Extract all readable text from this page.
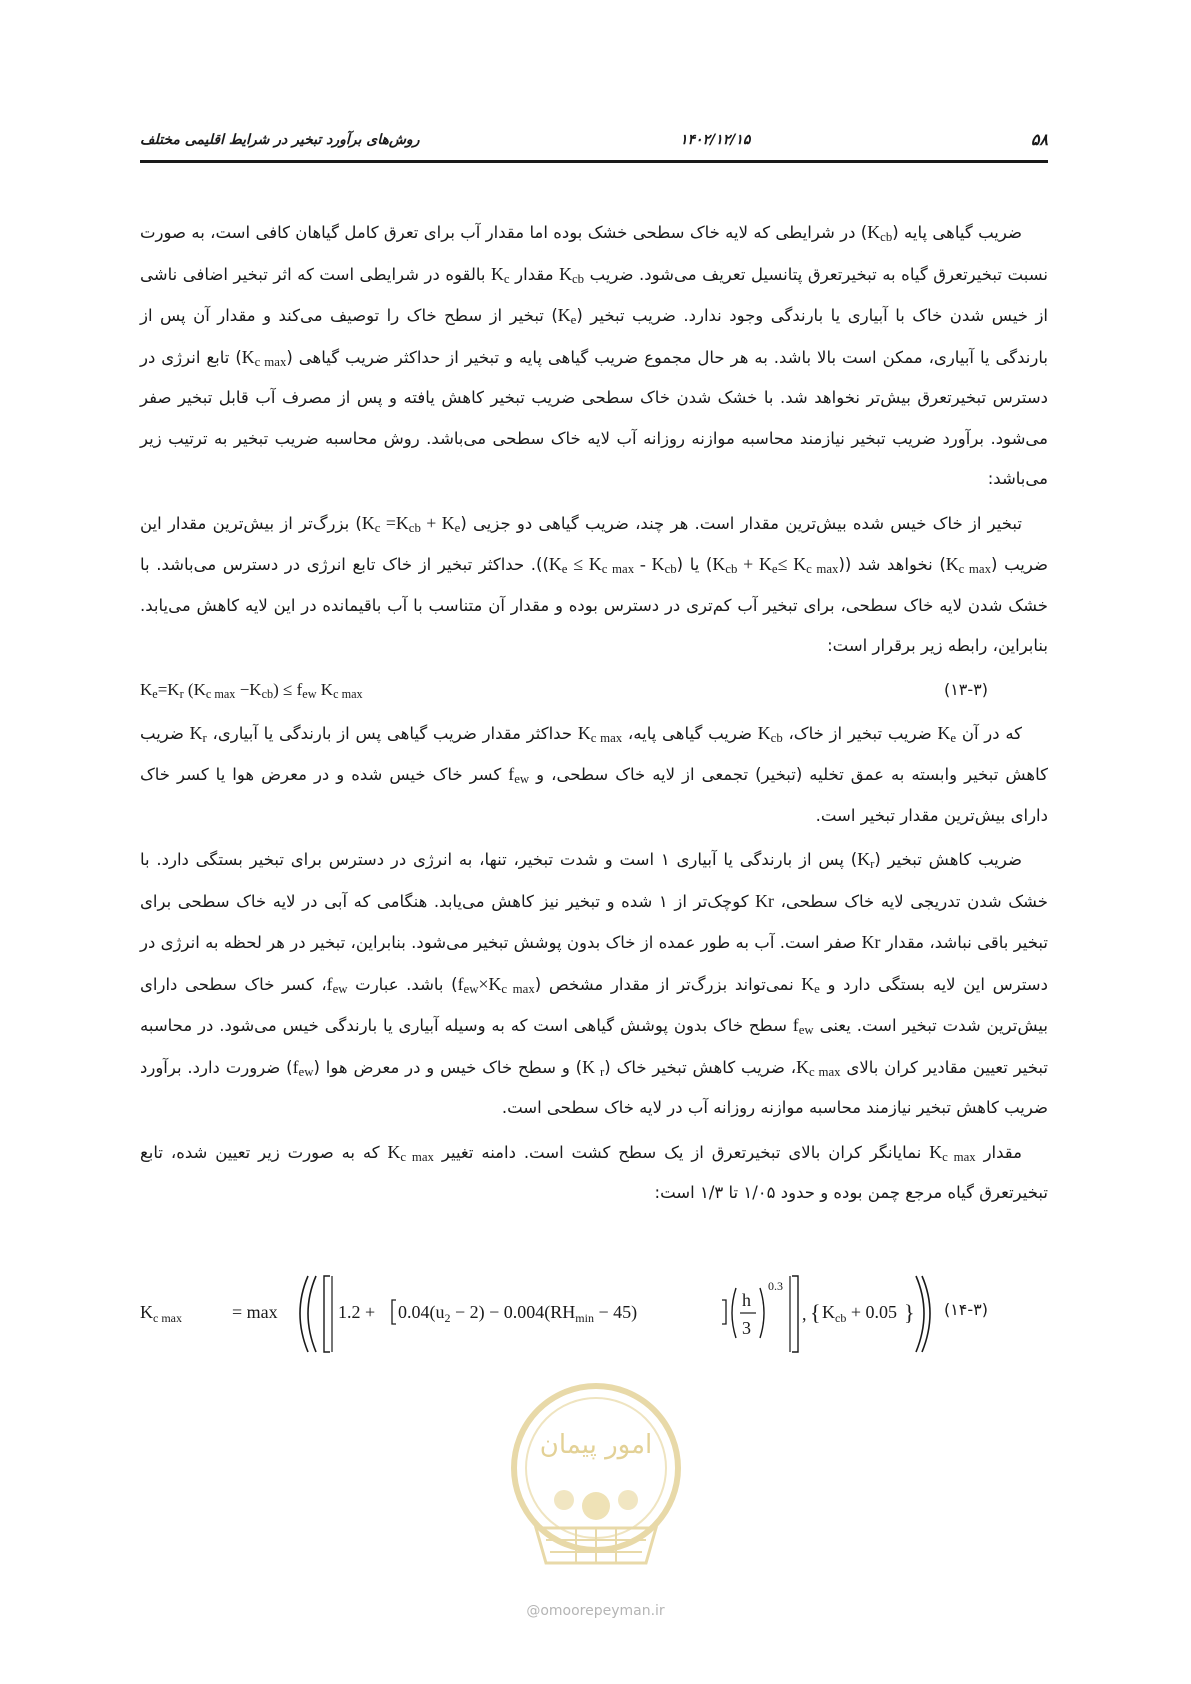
روش‌های برآورد تبخیر در شرایط اقلیمی مختلف	۱۴۰۲/۱۲/۱۵	۵۸

ضریب گیاهی پایه $(K_{cb})$ در شرایطی که لایه خاک سطحی خشک بوده اما مقدار آب برای تعرق کامل گیاهان کافی است، به صورت نسبت تبخیرتعرق گیاه به تبخیرتعرق پتانسیل تعریف می‌شود. ضریب $K_{cb}$ مقدار $K_c$ بالقوه در شرایطی است که اثر تبخیر اضافی ناشی از خیس شدن خاک با آبیاری یا بارندگی وجود ندارد. ضریب تبخیر $(K_e)$ تبخیر از سطح خاک را توصیف می‌کند و مقدار آن پس از بارندگی یا آبیاری، ممکن است بالا باشد. به هر حال مجموع ضریب گیاهی پایه و تبخیر از حداکثر ضریب گیاهی $(K_{c max})$ تابع انرژی در دسترس تبخیرتعرق بیش‌تر نخواهد شد. با خشک شدن خاک سطحی ضریب تبخیر کاهش یافته و پس از مصرف آب قابل تبخیر صفر می‌شود. برآورد ضریب تبخیر نیازمند محاسبه موازنه روزانه آب لایه خاک سطحی می‌باشد. روش محاسبه ضریب تبخیر به ترتیب زیر می‌باشد:

تبخیر از خاک خیس شده بیش‌ترین مقدار است. هر چند، ضریب گیاهی دو جزیی $(K_c =K_{cb} + K_e)$ بزرگ‌تر از بیش‌ترین مقدار این ضریب $(K_{c max})$ نخواهد شد ($(K_{cb} + K_e\le K_{c max})$ یا $(K_e \le K_{c max} - K_{cb})$). حداکثر تبخیر از خاک تابع انرژی در دسترس می‌باشد. با خشک شدن لایه خاک سطحی، برای تبخیر آب کم‌تری در دسترس بوده و مقدار آن متناسب با آب باقیمانده در این لایه کاهش می‌یابد. بنابراین، رابطه زیر برقرار است:

$K_e=K_r$ $(K_{c max} -K_{cb}) \le f_{ew}$ $K_{c max}$	(۱۳-۳)

که در آن $K_e$ ضریب تبخیر از خاک، $K_{cb}$ ضریب گیاهی پایه، $K_{c max}$ حداکثر مقدار ضریب گیاهی پس از بارندگی یا آبیاری، $K_r$ ضریب کاهش تبخیر وابسته به عمق تخلیه (تبخیر) تجمعی از لایه خاک سطحی، و $f_{ew}$ کسر خاک خیس شده و در معرض هوا یا کسر خاک دارای بیش‌ترین مقدار تبخیر است.

ضریب کاهش تبخیر $(K_r)$ پس از بارندگی یا آبیاری ۱ است و شدت تبخیر، تنها، به انرژی در دسترس برای تبخیر بستگی دارد. با خشک شدن تدریجی لایه خاک سطحی، Kr کوچک‌تر از ۱ شده و تبخیر نیز کاهش می‌یابد. هنگامی که آبی در لایه خاک سطحی برای تبخیر باقی نباشد، مقدار Kr صفر است. آب به طور عمده از خاک بدون پوشش تبخیر می‌شود. بنابراین، تبخیر در هر لحظه به انرژی در دسترس این لایه بستگی دارد و $K_e$ نمی‌تواند بزرگ‌تر از مقدار مشخص $(f_{ew}\times K_{c max})$ باشد. عبارت $f_{ew}،$ کسر خاک سطحی دارای بیش‌ترین شدت تبخیر است. یعنی $f_{ew}$ سطح خاک بدون پوشش گیاهی است که به وسیله آبیاری یا بارندگی خیس می‌شود. در محاسبه تبخیر تعیین مقادیر کران بالای $K_{c max}،$ ضریب کاهش تبخیر خاک (K $_r$) و سطح خاک خیس و در معرض هوا $(f_{ew})$ ضرورت دارد. برآورد ضریب کاهش تبخیر نیازمند محاسبه موازنه روزانه آب در لایه خاک سطحی است.

مقدار $K_{c max}$ نمایانگر کران بالای تبخیرتعرق از یک سطح کشت است. دامنه تغییر $K_{c max}$ که به صورت زیر تعیین شده، تابع تبخیرتعرق گیاه مرجع چمن بوده و حدود ۱/۰۵ تا ۱/۳ است:

$K_{c max}$	= max	$1.2 + 0.04(u_2 - 2) - 0.004(RH_{min} - 45)$
h
3
0.3
, { $K_{cb} + 0.05$ } (۱۴-۳)
امور پیمان
@omoorepeyman.ir
